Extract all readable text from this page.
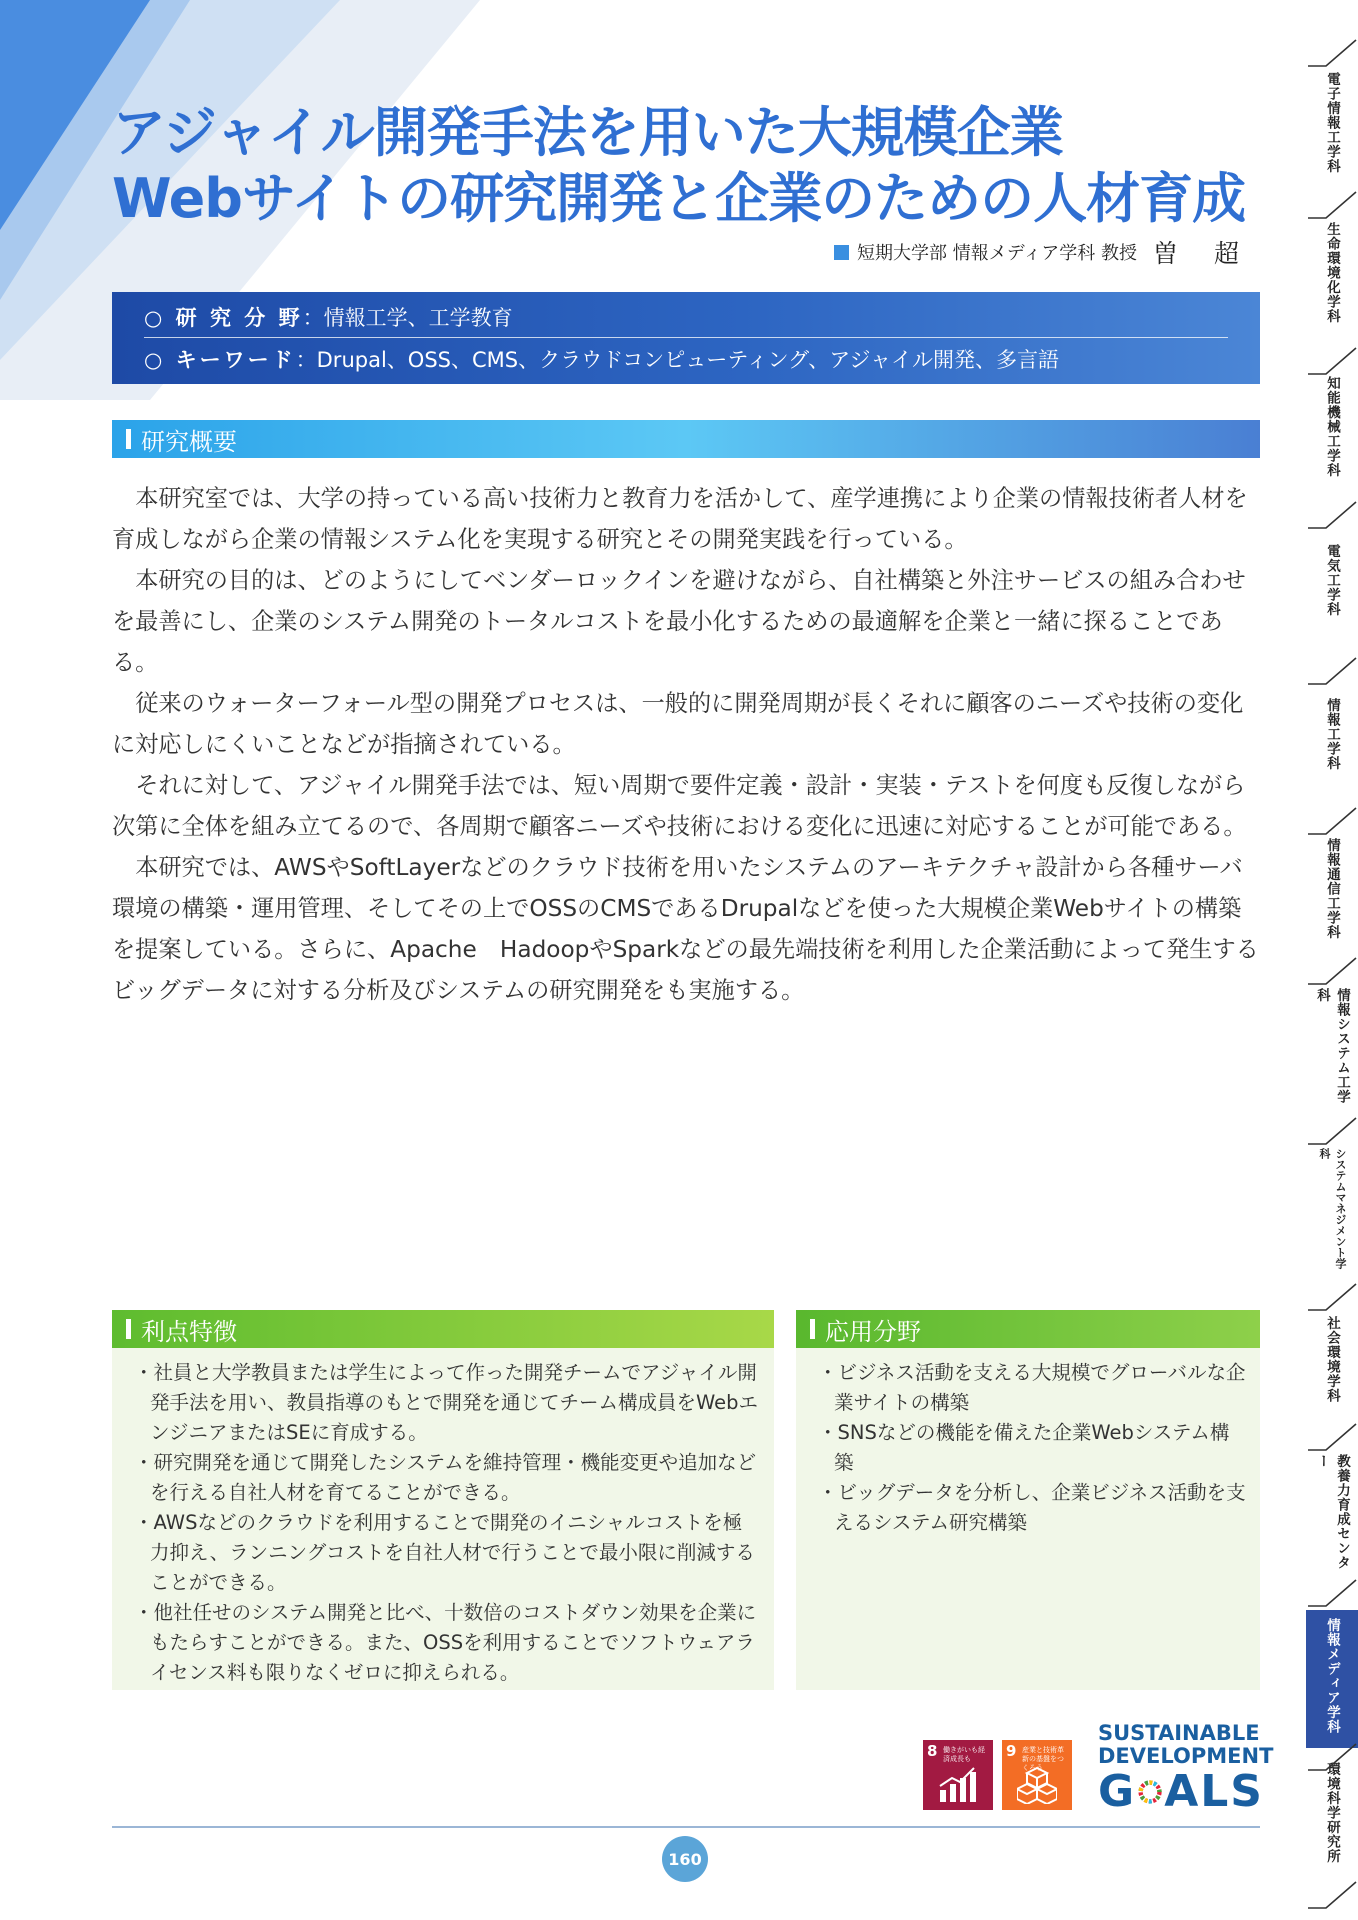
アジャイル開発手法を用いた大規模企業
Webサイトの研究開発と企業のための人材育成
短期大学部 情報メディア学科 教授 曽 超
○ 研 究 分 野：情報工学、工学教育
○ キーワード：Drupal、OSS、CMS、クラウドコンピューティング、アジャイル開発、多言語
研究概要

本研究室では、大学の持っている高い技術力と教育力を活かして、産学連携により企業の情報技術者人材を育成しながら企業の情報システム化を実現する研究とその開発実践を行っている。

本研究の目的は、どのようにしてベンダーロックインを避けながら、自社構築と外注サービスの組み合わせを最善にし、企業のシステム開発のトータルコストを最小化するための最適解を企業と一緒に探ることである。

従来のウォーターフォール型の開発プロセスは、一般的に開発周期が長くそれに顧客のニーズや技術の変化に対応しにくいことなどが指摘されている。

それに対して、アジャイル開発手法では、短い周期で要件定義・設計・実装・テストを何度も反復しながら次第に全体を組み立てるので、各周期で顧客ニーズや技術における変化に迅速に対応することが可能である。

本研究では、AWSやSoftLayerなどのクラウド技術を用いたシステムのアーキテクチャ設計から各種サーバ環境の構築・運用管理、そしてその上でOSSのCMSであるDrupalなどを使った大規模企業Webサイトの構築を提案している。さらに、Apache　HadoopやSparkなどの最先端技術を利用した企業活動によって発生するビッグデータに対する分析及びシステムの研究開発をも実施する。

利点特徴
・ 社員と大学教員または学生によって作った開発チームでアジャイル開発手法を用い、教員指導のもとで開発を通じてチーム構成員をWebエンジニアまたはSEに育成する。
・ 研究開発を通じて開発したシステムを維持管理・機能変更や追加などを行える自社人材を育てることができる。
・ AWSなどのクラウドを利用することで開発のイニシャルコストを極力抑え、ランニングコストを自社人材で行うことで最小限に削減することができる。
・ 他社任せのシステム開発と比べ、十数倍のコストダウン効果を企業にもたらすことができる。また、OSSを利用することでソフトウェアライセンス料も限りなくゼロに抑えられる。
応用分野
・ ビジネス活動を支える大規模でグローバルな企業サイトの構築
・ SNSなどの機能を備えた企業Webシステム構築
・ ビッグデータを分析し、企業ビジネス活動を支えるシステム研究構築
8 働きがいも経済成長も	9 産業と技術革新の基盤をつくろう
SUSTAINABLE
DEVELOPMENT
G ALS
160
電子情報工学科
生命環境化学科
知能機械工学科
電気工学科
情報工学科
情報通信工学科
情報システム工学科
システムマネジメント学科
社会環境学科
教養力育成センター
情報メディア学科
環境科学研究所
